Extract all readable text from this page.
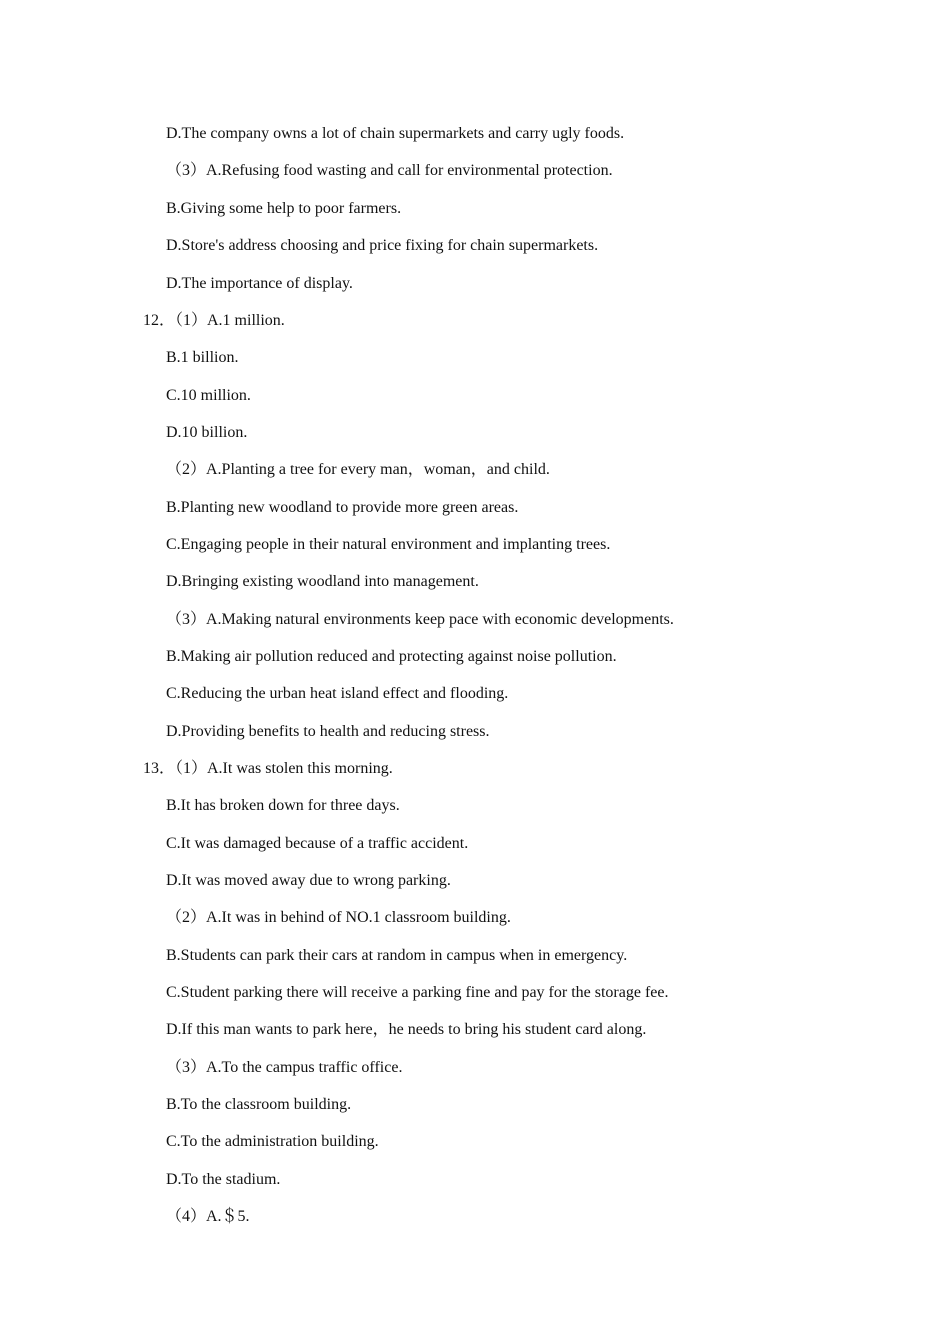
D.The company owns a lot of chain supermarkets and carry ugly foods.
（3）A.Refusing food wasting and call for environmental protection.
B.Giving some help to poor farmers.
D.Store's address choosing and price fixing for chain supermarkets.
D.The importance of display.
12．（1）A.1 million.
B.1 billion.
C.10 million.
D.10 billion.
（2）A.Planting a tree for every man，woman，and child.
B.Planting new woodland to provide more green areas.
C.Engaging people in their natural environment and implanting trees.
D.Bringing existing woodland into management.
（3）A.Making natural environments keep pace with economic developments.
B.Making air pollution reduced and protecting against noise pollution.
C.Reducing the urban heat island effect and flooding.
D.Providing benefits to health and reducing stress.
13．（1）A.It was stolen this morning.
B.It has broken down for three days.
C.It was damaged because of a traffic accident.
D.It was moved away due to wrong parking.
（2）A.It was in behind of NO.1 classroom building.
B.Students can park their cars at random in campus when in emergency.
C.Student parking there will receive a parking fine and pay for the storage fee.
D.If this man wants to park here，he needs to bring his student card along.
（3）A.To the campus traffic office.
B.To the classroom building.
C.To the administration building.
D.To the stadium.
（4）A.＄5.
